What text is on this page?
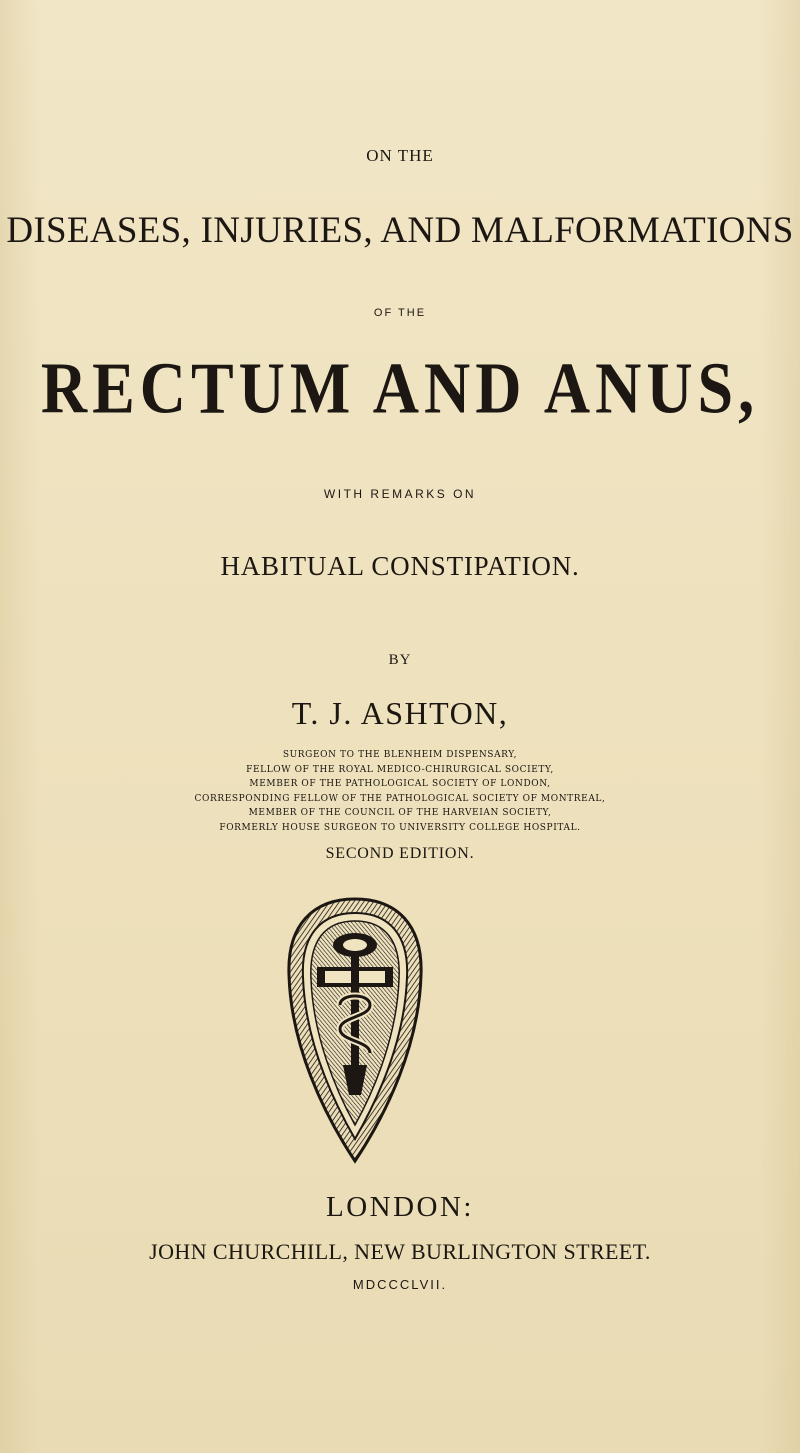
ON THE
DISEASES, INJURIES, AND MALFORMATIONS
OF THE
RECTUM AND ANUS,
WITH REMARKS ON
HABITUAL CONSTIPATION.
BY
T. J. ASHTON,
SURGEON TO THE BLENHEIM DISPENSARY,
FELLOW OF THE ROYAL MEDICO-CHIRURGICAL SOCIETY,
MEMBER OF THE PATHOLOGICAL SOCIETY OF LONDON,
CORRESPONDING FELLOW OF THE PATHOLOGICAL SOCIETY OF MONTREAL,
MEMBER OF THE COUNCIL OF THE HARVEIAN SOCIETY,
FORMERLY HOUSE SURGEON TO UNIVERSITY COLLEGE HOSPITAL.
SECOND EDITION.
LONDON:
JOHN CHURCHILL, NEW BURLINGTON STREET.
MDCCCLVII.
